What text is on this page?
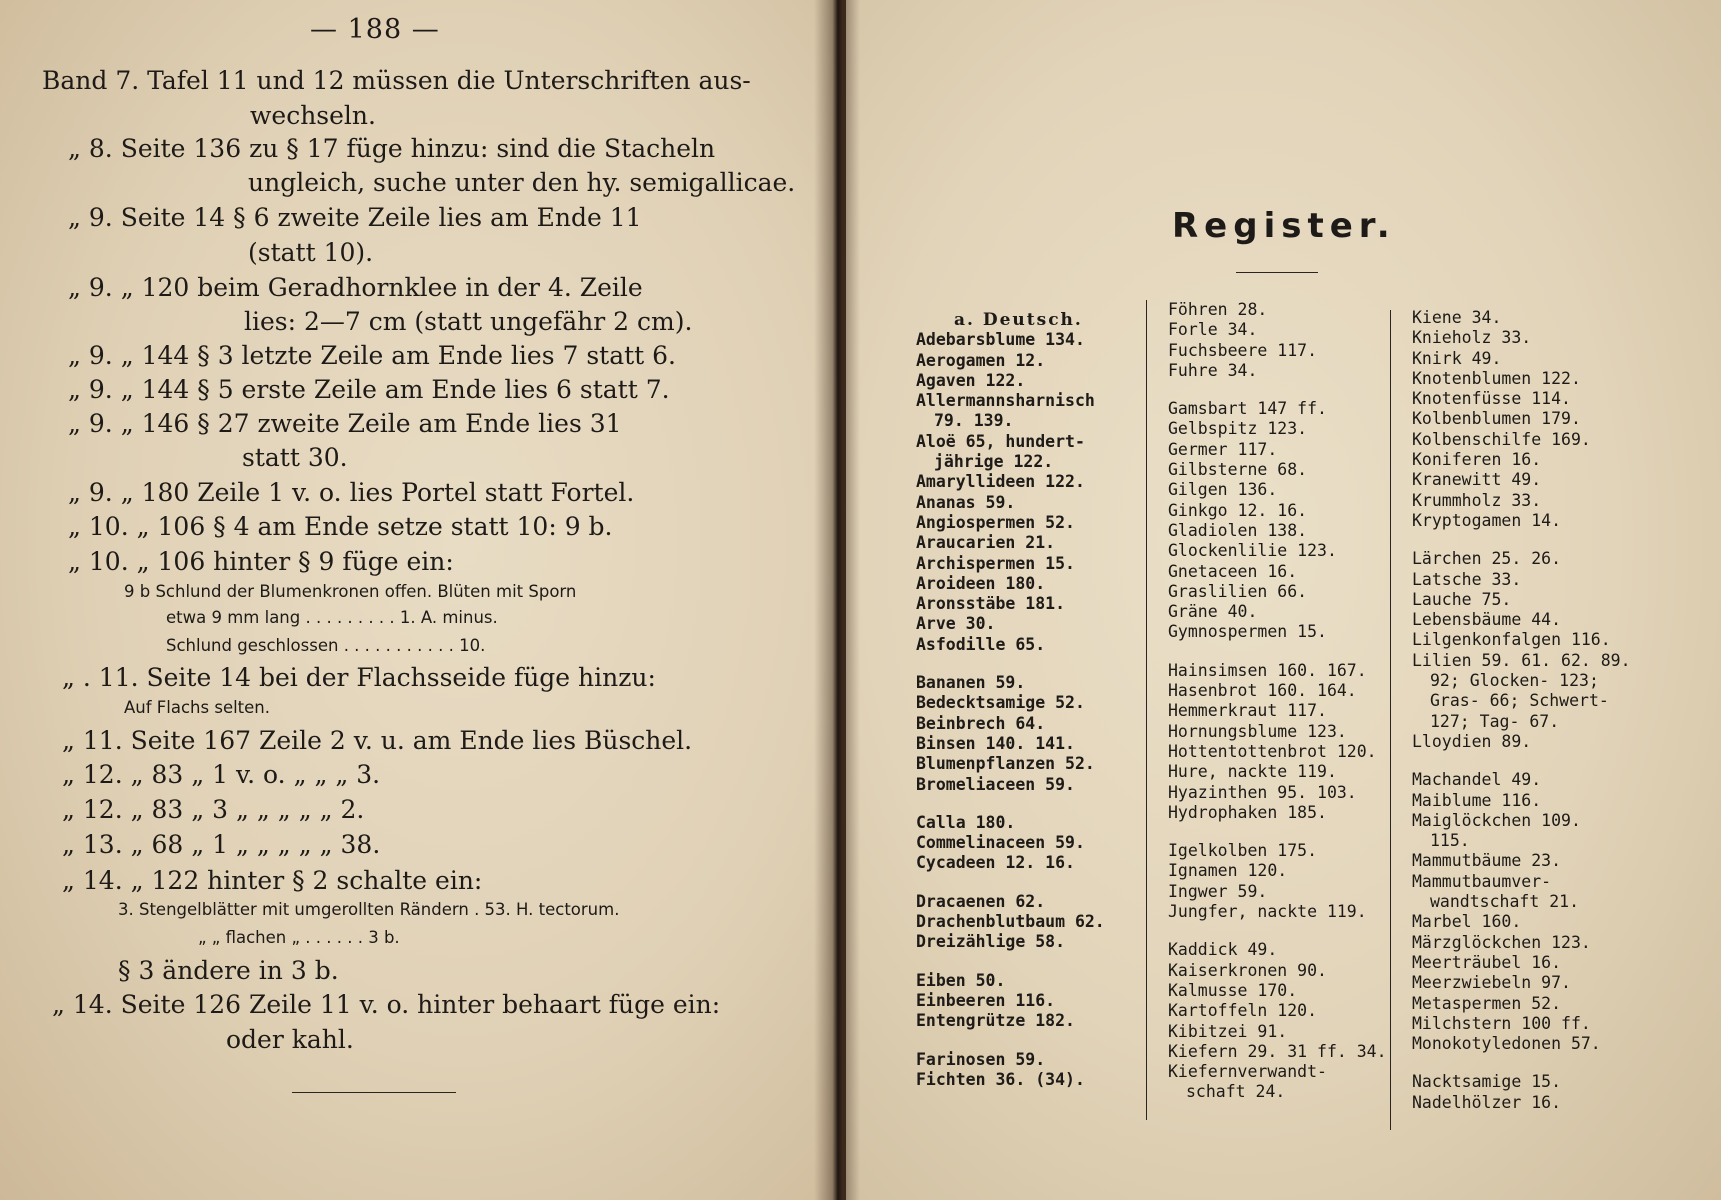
— 188 —
Band 7. Tafel 11 und 12 müssen die Unterschriften aus-
wechseln.
„ 8. Seite 136 zu § 17 füge hinzu: sind die Stacheln
ungleich, suche unter den hy. semigallicae.
„ 9. Seite 14 § 6 zweite Zeile lies am Ende 11
(statt 10).
„ 9. „ 120 beim Geradhornklee in der 4. Zeile
lies: 2—7 cm (statt ungefähr 2 cm).
„ 9. „ 144 § 3 letzte Zeile am Ende lies 7 statt 6.
„ 9. „ 144 § 5 erste Zeile am Ende lies 6 statt 7.
„ 9. „ 146 § 27 zweite Zeile am Ende lies 31
statt 30.
„ 9. „ 180 Zeile 1 v. o. lies Portel statt Fortel.
„ 10. „ 106 § 4 am Ende setze statt 10: 9 b.
„ 10. „ 106 hinter § 9 füge ein:
9 b Schlund der Blumenkronen offen. Blüten mit Sporn
etwa 9 mm lang . . . . . . . . . 1. A. minus.
Schlund geschlossen . . . . . . . . . . . 10.
„ . 11. Seite 14 bei der Flachsseide füge hinzu:
Auf Flachs selten.
„ 11. Seite 167 Zeile 2 v. u. am Ende lies Büschel.
„ 12. „ 83 „ 1 v. o. „ „ „ 3.
„ 12. „ 83 „ 3 „ „ „ „ „ 2.
„ 13. „ 68 „ 1 „ „ „ „ „ 38.
„ 14. „ 122 hinter § 2 schalte ein:
3. Stengelblätter mit umgerollten Rändern . 53. H. tectorum.
„ „ flachen „ . . . . . . 3 b.
§ 3 ändere in 3 b.
„ 14. Seite 126 Zeile 11 v. o. hinter behaart füge ein:
oder kahl.
Register.
a. Deutsch.
Adebarsblume 134.
Aerogamen 12.
Agaven 122.
Allermannsharnisch
79. 139.
Aloë 65, hundert-
jährige 122.
Amaryllideen 122.
Ananas 59.
Angiospermen 52.
Araucarien 21.
Archispermen 15.
Aroideen 180.
Aronsstäbe 181.
Arve 30.
Asfodille 65.
Bananen 59.
Bedecktsamige 52.
Beinbrech 64.
Binsen 140. 141.
Blumenpflanzen 52.
Bromeliaceen 59.
Calla 180.
Commelinaceen 59.
Cycadeen 12. 16.
Dracaenen 62.
Drachenblutbaum 62.
Dreizählige 58.
Eiben 50.
Einbeeren 116.
Entengrütze 182.
Farinosen 59.
Fichten 36. (34).
Föhren 28.
Forle 34.
Fuchsbeere 117.
Fuhre 34.
Gamsbart 147 ff.
Gelbspitz 123.
Germer 117.
Gilbsterne 68.
Gilgen 136.
Ginkgo 12. 16.
Gladiolen 138.
Glockenlilie 123.
Gnetaceen 16.
Graslilien 66.
Gräne 40.
Gymnospermen 15.
Hainsimsen 160. 167.
Hasenbrot 160. 164.
Hemmerkraut 117.
Hornungsblume 123.
Hottentottenbrot 120.
Hure, nackte 119.
Hyazinthen 95. 103.
Hydrophaken 185.
Igelkolben 175.
Ignamen 120.
Ingwer 59.
Jungfer, nackte 119.
Kaddick 49.
Kaiserkronen 90.
Kalmusse 170.
Kartoffeln 120.
Kibitzei 91.
Kiefern 29. 31 ff. 34.
Kiefernverwandt-
schaft 24.
Kiene 34.
Knieholz 33.
Knirk 49.
Knotenblumen 122.
Knotenfüsse 114.
Kolbenblumen 179.
Kolbenschilfe 169.
Koniferen 16.
Kranewitt 49.
Krummholz 33.
Kryptogamen 14.
Lärchen 25. 26.
Latsche 33.
Lauche 75.
Lebensbäume 44.
Lilgenkonfalgen 116.
Lilien 59. 61. 62. 89.
92; Glocken- 123;
Gras- 66; Schwert-
127; Tag- 67.
Lloydien 89.
Machandel 49.
Maiblume 116.
Maiglöckchen 109.
115.
Mammutbäume 23.
Mammutbaumver-
wandtschaft 21.
Marbel 160.
Märzglöckchen 123.
Meerträubel 16.
Meerzwiebeln 97.
Metaspermen 52.
Milchstern 100 ff.
Monokotyledonen 57.
Nacktsamige 15.
Nadelhölzer 16.
